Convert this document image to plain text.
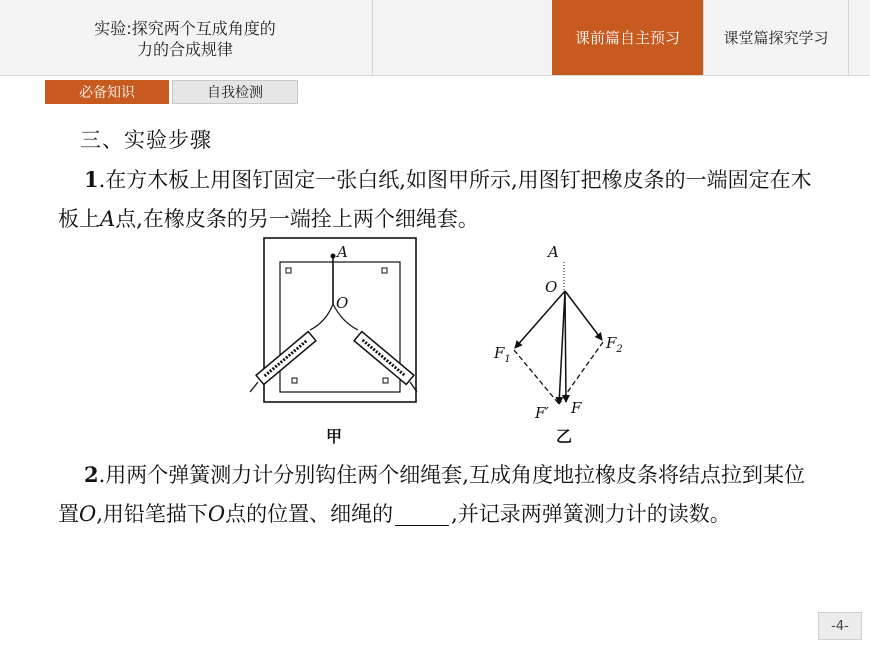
实验:探究两个互成角度的
力的合成规律
课前篇自主预习	课堂篇探究学习
必备知识	自我检测
三、实验步骤
1.在方木板上用图钉固定一张白纸,如图甲所示,用图钉把橡皮条的一端固定在木板上A点,在橡皮条的另一端拴上两个细绳套。
A
O
甲
A
O
$F_1$
$F_2$
F′ F
乙
2.用两个弹簧测力计分别钩住两个细绳套,互成角度地拉橡皮条将结点拉到某位置O,用铅笔描下O点的位置、细绳的	,并记录两弹簧测力计的读数。
-4-
